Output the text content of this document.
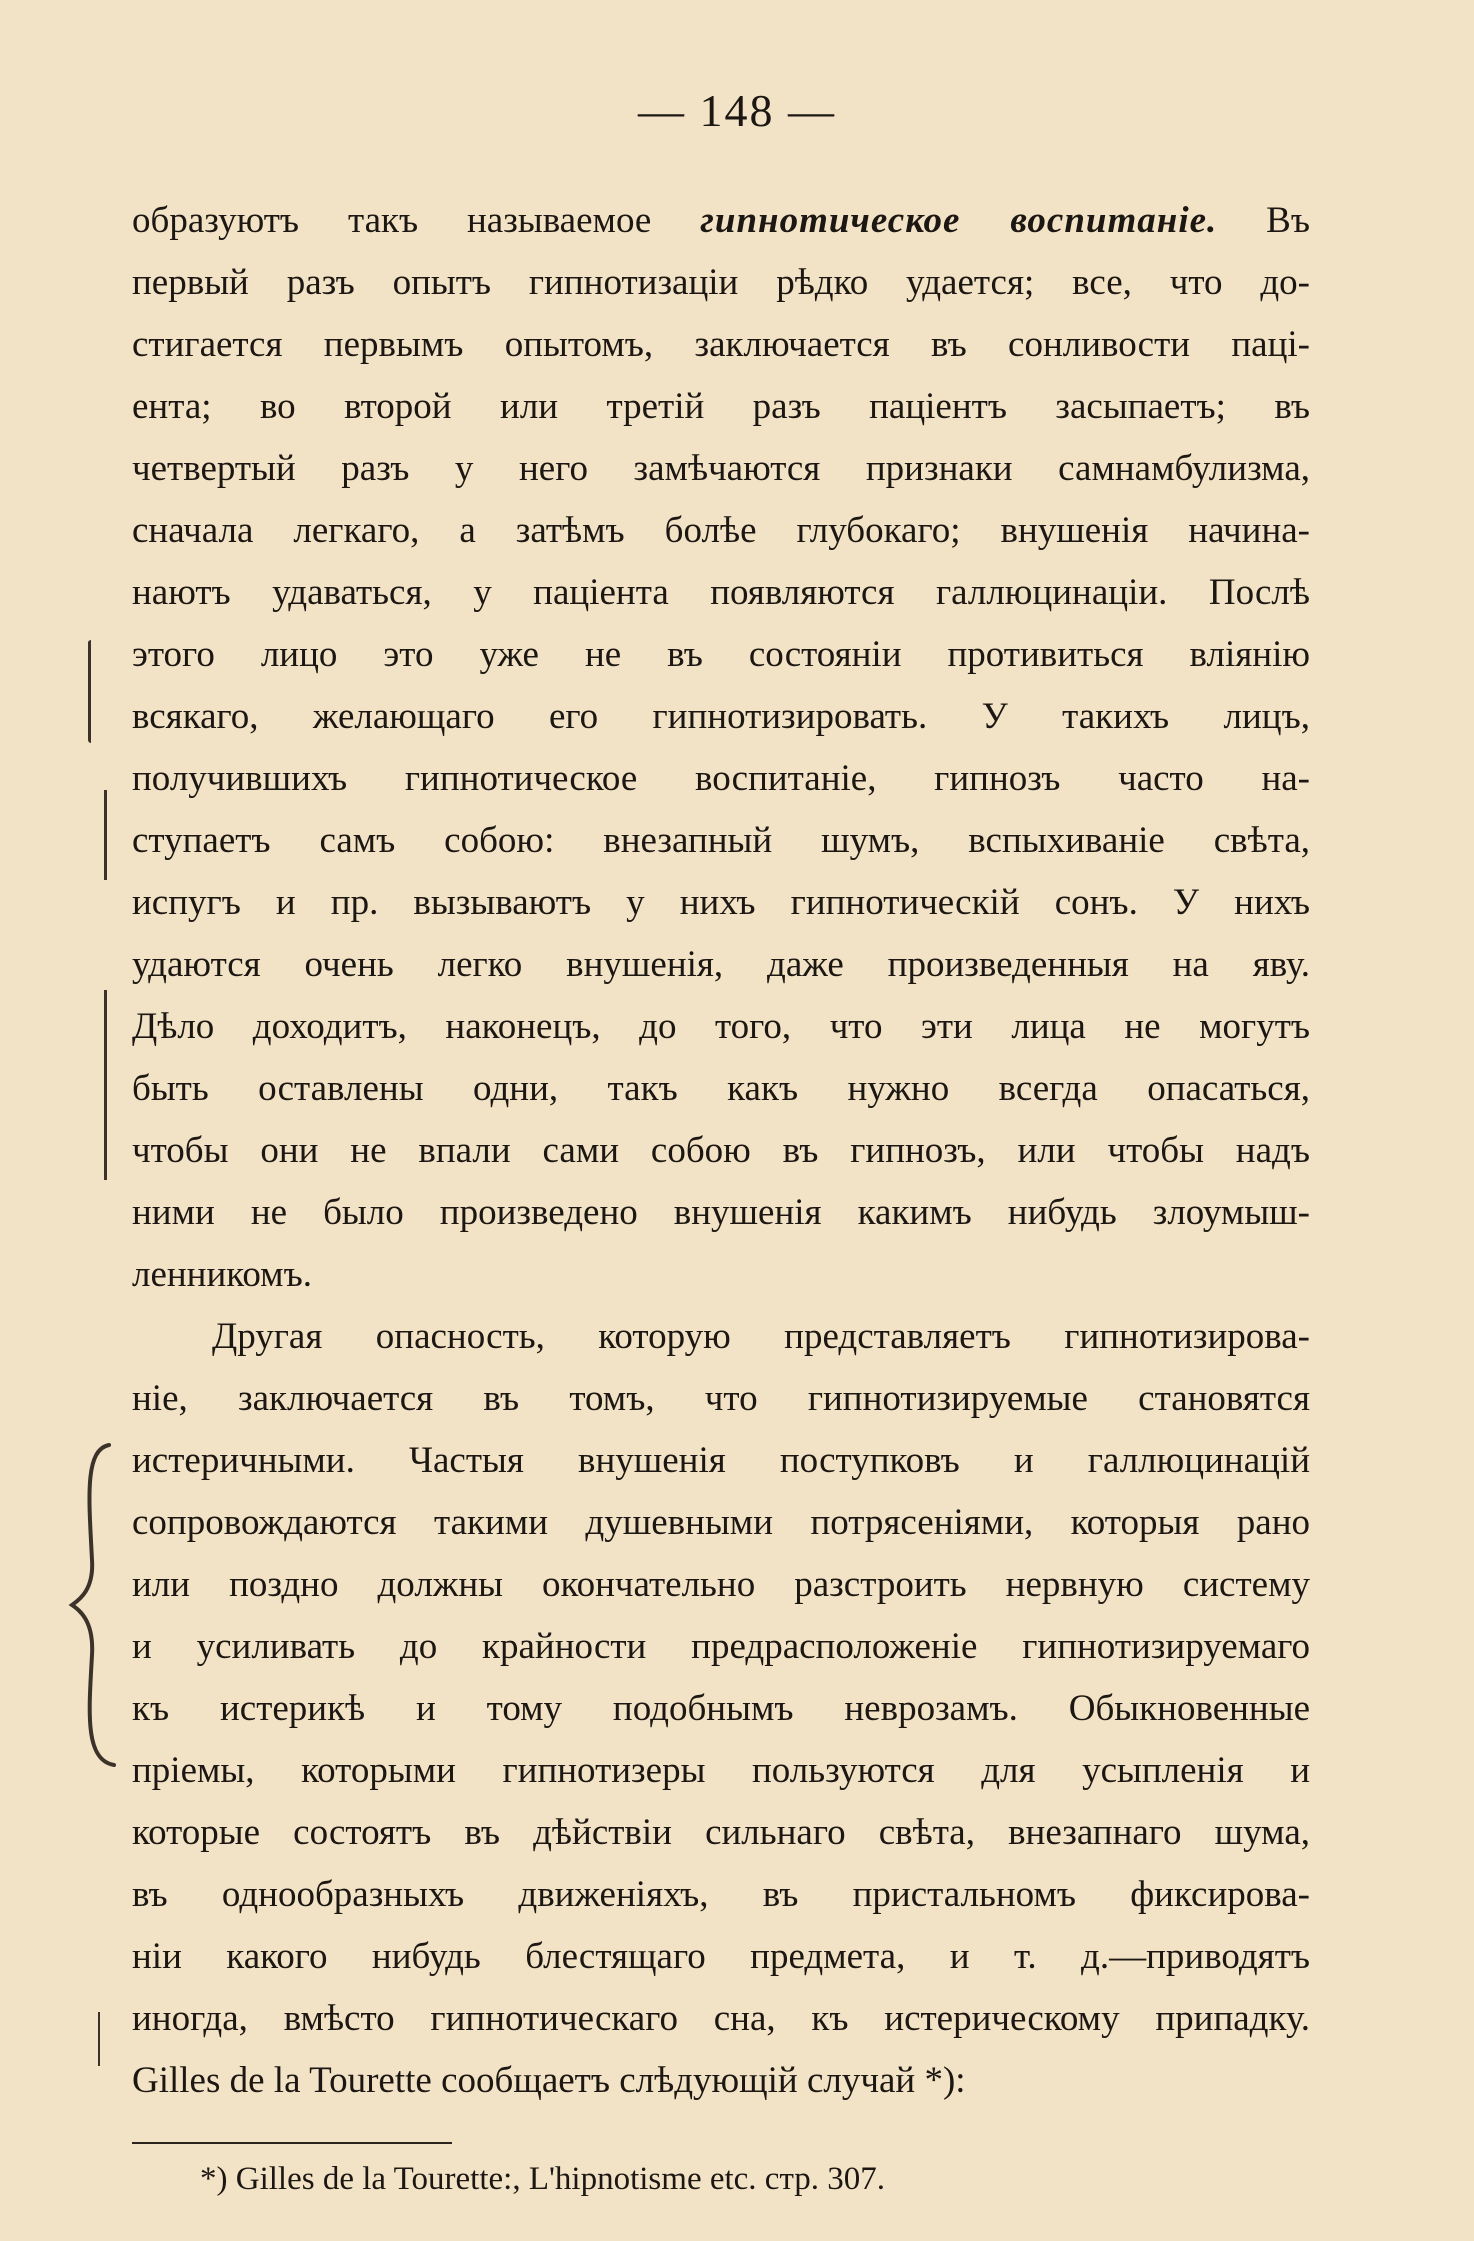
— 148 —
образуютъ такъ называемое гипнотическое воспитанiе. Въ
первый разъ опытъ гипнотизацiи рѣдко удается; все, что до-
стигается первымъ опытомъ, заключается въ сонливости паці-
ента; во второй или третій разъ паціентъ засыпаетъ; въ
четвертый разъ у него замѣчаются признаки самнамбулизма,
сначала легкаго, а затѣмъ болѣе глубокаго; внушенія начина-
наютъ удаваться, у паціента появляются галлюцинаціи. Послѣ
этого лицо это уже не въ состояніи противиться вліянію
всякаго, желающаго его гипнотизировать. У такихъ лицъ,
получившихъ гипнотическое воспитаніе, гипнозъ часто на-
ступаетъ самъ собою: внезапный шумъ, вспыхиваніе свѣта,
испугъ и пр. вызываютъ у нихъ гипнотическій сонъ. У нихъ
удаются очень легко внушенія, даже произведенныя на яву.
Дѣло доходитъ, наконецъ, до того, что эти лица не могутъ
быть оставлены одни, такъ какъ нужно всегда опасаться,
чтобы они не впали сами собою въ гипнозъ, или чтобы надъ
ними не было произведено внушенія какимъ нибудь злоумыш-
ленникомъ.
Другая опасность, которую представляетъ гипнотизирова-
ніе, заключается въ томъ, что гипнотизируемые становятся
истеричными. Частыя внушенія поступковъ и галлюцинацій
сопровождаются такими душевными потрясеніями, которыя рано
или поздно должны окончательно разстроить нервную систему
и усиливать до крайности предрасположеніе гипнотизируемаго
къ истерикѣ и тому подобнымъ неврозамъ. Обыкновенные
пріемы, которыми гипнотизеры пользуются для усыпленія и
которые состоятъ въ дѣйствіи сильнаго свѣта, внезапнаго шума,
въ однообразныхъ движеніяхъ, въ пристальномъ фиксирова-
ніи какого нибудь блестящаго предмета, и т. д.—приводятъ
иногда, вмѣсто гипнотическаго сна, къ истерическому припадку.
Gilles de la Tourette сообщаетъ слѣдующій случай *):
*) Gilles de la Tourette:, L'hipnotisme etc. стр. 307.
